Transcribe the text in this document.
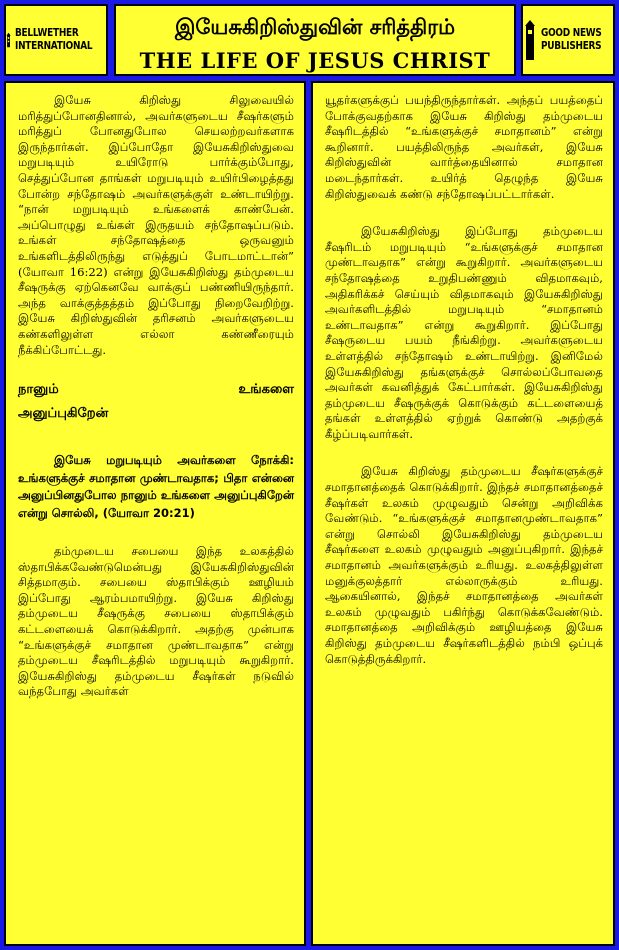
BELLWETHER
INTERNATIONAL
இயேசுகிறிஸ்துவின் சரித்திரம்
THE LIFE OF JESUS CHRIST
GOOD NEWS
PUBLISHERS

இயேசு கிறிஸ்து சிலுவையில் மரித்துப்போனதினால், அவர்களுடைய சீஷர்களும் மரித்துப் போனதுபோல செயலற்றவர்களாக இருந்தார்கள். இப்போதோ இயேசுகிறிஸ்துவை மறுபடியும் உயிரோடு பார்க்கும்போது, செத்துப்போன தாங்கள் மறுபடியும் உயிர்பிழைத்தது போன்ற சந்தோஷம் அவர்களுக்குள் உண்டாயிற்று. “நான் மறுபடியும் உங்களைக் காண்பேன். அப்பொழுது உங்கள் இருதயம் சந்தோஷப்படும். உங்கள் சந்தோஷத்தை ஒருவனும் உங்களிடத்திலிருந்து எடுத்துப் போடமாட்டான்” (யோவா 16:22) என்று இயேசுகிறிஸ்து தம்முடைய சீஷருக்கு ஏற்கெனவே வாக்குப் பண்ணியிருந்தார். அந்த வாக்குத்தத்தம் இப்போது நிறைவேறிற்று. இயேசு கிறிஸ்துவின் தரிசனம் அவர்களுடைய கண்களிலுள்ள எல்லா கண்ணீரையும் நீக்கிப்போட்டது.

நானும் உங்களை
அனுப்புகிறேன்
இயேசு மறுபடியும் அவர்களை நோக்கி: உங்களுக்குச் சமாதான முண்டாவதாக; பிதா என்னை அனுப்பினதுபோல நானும் உங்களை அனுப்புகிறேன் என்று சொல்லி, (யோவா 20:21)

தம்முடைய சபையை இந்த உலகத்தில் ஸ்தாபிக்கவேண்டுமென்பது இயேசுகிறிஸ்துவின் சித்தமாகும். சபையை ஸ்தாபிக்கும் ஊழியம் இப்போது ஆரம்பமாயிற்று. இயேசு கிறிஸ்து தம்முடைய சீஷருக்கு சபையை ஸ்தாபிக்கும் கட்டளையைக் கொடுக்கிறார். அதற்கு முன்பாக “உங்களுக்குச் சமாதான முண்டாவதாக” என்று தம்முடைய சீஷரிடத்தில் மறுபடியும் கூறுகிறார். இயேசுகிறிஸ்து தம்முடைய சீஷர்கள் நடுவில் வந்தபோது அவர்கள்

யூதர்களுக்குப் பயந்திருந்தார்கள். அந்தப் பயத்தைப் போக்குவதற்காக இயேசு கிறிஸ்து தம்முடைய சீஷரிடத்தில் “உங்களுக்குச் சமாதானம்” என்று கூறினார். பயத்திலிருந்த அவர்கள், இயேசு கிறிஸ்துவின் வார்த்தையினால் சமாதான மடைந்தார்கள். உயிர்த் தெழுந்த இயேசு கிறிஸ்துவைக் கண்டு சந்தோஷப்பட்டார்கள்.

இயேசுகிறிஸ்து இப்போது தம்முடைய சீஷரிடம் மறுபடியும் “உங்களுக்குச் சமாதான முண்டாவதாக” என்று கூறுகிறார். அவர்களுடைய சந்தோஷத்தை உறுதிபண்ணும் விதமாகவும், அதிகரிக்கச் செய்யும் விதமாகவும் இயேசுகிறிஸ்து அவர்களிடத்தில் மறுபடியும் “சமாதானம் உண்டாவதாக” என்று கூறுகிறார். இப்போது சீஷருடைய பயம் நீங்கிற்று. அவர்களுடைய உள்ளத்தில் சந்தோஷம் உண்டாயிற்று. இனிமேல் இயேசுகிறிஸ்து தங்களுக்குச் சொல்லப்போவதை அவர்கள் கவனித்துக் கேட்பார்கள். இயேசுகிறிஸ்து தம்முடைய சீஷருக்குக் கொடுக்கும் கட்டளையைத் தங்கள் உள்ளத்தில் ஏற்றுக் கொண்டு அதற்குக் கீழ்ப்படிவார்கள்.

இயேசு கிறிஸ்து தம்முடைய சீஷர்களுக்குச் சமாதானத்தைக் கொடுக்கிறார். இந்தச் சமாதானத்தைச் சீஷர்கள் உலகம் முழுவதும் சென்று அறிவிக்க வேண்டும். “உங்களுக்குச் சமாதானமுண்டாவதாக” என்று சொல்லி இயேசுகிறிஸ்து தம்முடைய சீஷர்களை உலகம் முழுவதும் அனுப்புகிறார். இந்தச் சமாதானம் அவர்களுக்கும் உரியது. உலகத்திலுள்ள மனுக்குலத்தார் எல்லாருக்கும் உரியது. ஆகையினால், இந்தச் சமாதானத்தை அவர்கள் உலகம் முழுவதும் பகிர்ந்து கொடுக்கவேண்டும். சமாதானத்தை அறிவிக்கும் ஊழியத்தை இயேசு கிறிஸ்து தம்முடைய சீஷர்களிடத்தில் நம்பி ஒப்புக் கொடுத்திருக்கிறார்.
